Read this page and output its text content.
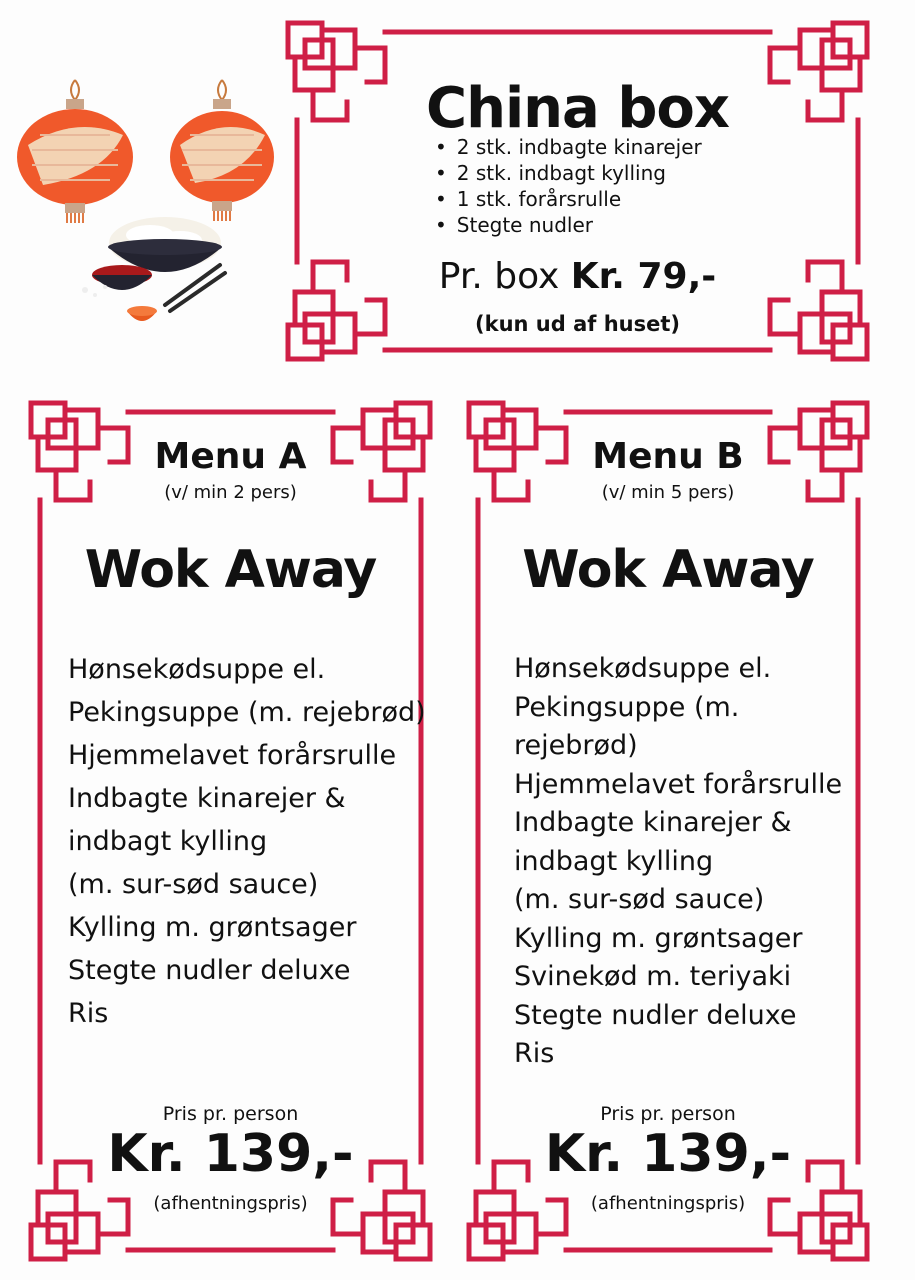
China box
• 2 stk. indbagte kinarejer
• 2 stk. indbagt kylling
• 1 stk. forårsrulle
• Stegte nudler
Pr. box Kr. 79,-
(kun ud af huset)
Menu A
(v/ min 2 pers)
Wok Away
Hønsekødsuppe el.
Pekingsuppe (m. rejebrød)
Hjemmelavet forårsrulle
Indbagte kinarejer &
indbagt kylling
(m. sur-sød sauce)
Kylling m. grøntsager
Stegte nudler deluxe
Ris
Pris pr. person
Kr. 139,-
(afhentningspris)
Menu B
(v/ min 5 pers)
Wok Away
Hønsekødsuppe el.
Pekingsuppe (m. rejebrød)
Hjemmelavet forårsrulle
Indbagte kinarejer &
indbagt kylling
(m. sur-sød sauce)
Kylling m. grøntsager
Svinekød m. teriyaki
Stegte nudler deluxe
Ris
Pris pr. person
Kr. 139,-
(afhentningspris)
